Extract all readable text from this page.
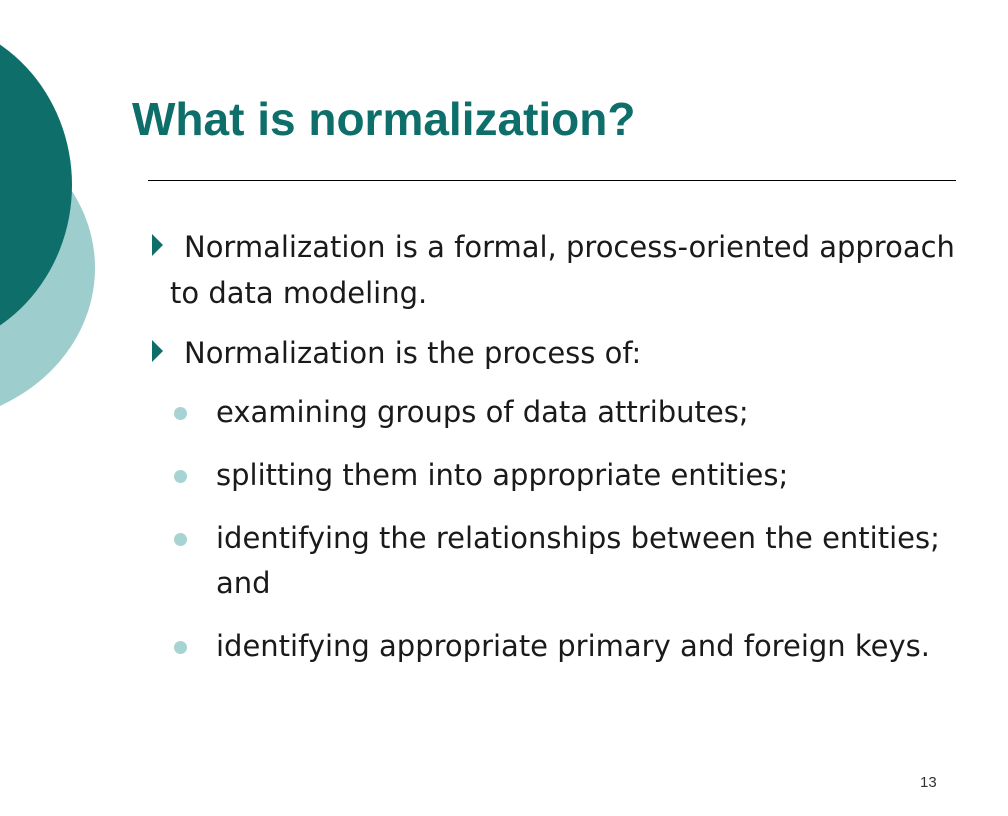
What is normalization?
Normalization is a formal, process-oriented approach to data modeling.
Normalization is the process of:
examining groups of data attributes;
splitting them into appropriate entities;
identifying the relationships between the entities; and
identifying appropriate primary and foreign keys.
13
